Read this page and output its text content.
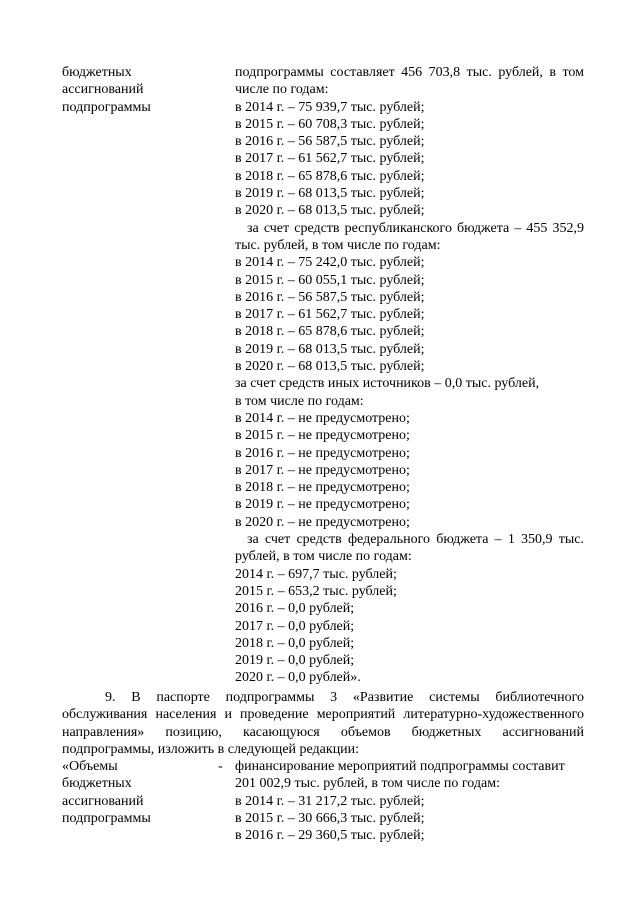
бюджетных	подпрограммы составляет 456 703,8 тыс. рублей, в том
ассигнований	числе по годам:
подпрограммы	в 2014 г. – 75 939,7 тыс. рублей;
в 2015 г. – 60 708,3 тыс. рублей;
в 2016 г. – 56 587,5 тыс. рублей;
в 2017 г. – 61 562,7 тыс. рублей;
в 2018 г. – 65 878,6 тыс. рублей;
в 2019 г. – 68 013,5 тыс. рублей;
в 2020 г. – 68 013,5 тыс. рублей;
за счет средств республиканского бюджета – 455 352,9
тыс. рублей, в том числе по годам:
в 2014 г. – 75 242,0 тыс. рублей;
в 2015 г. – 60 055,1 тыс. рублей;
в 2016 г. – 56 587,5 тыс. рублей;
в 2017 г. – 61 562,7 тыс. рублей;
в 2018 г. – 65 878,6 тыс. рублей;
в 2019 г. – 68 013,5 тыс. рублей;
в 2020 г. – 68 013,5 тыс. рублей;
за счет средств иных источников – 0,0 тыс. рублей,
в том числе по годам:
в 2014 г. – не предусмотрено;
в 2015 г. – не предусмотрено;
в 2016 г. – не предусмотрено;
в 2017 г. – не предусмотрено;
в 2018 г. – не предусмотрено;
в 2019 г. – не предусмотрено;
в 2020 г. – не предусмотрено;
за счет средств федерального бюджета – 1 350,9 тыс.
рублей, в том числе по годам:
2014 г. – 697,7 тыс. рублей;
2015 г. – 653,2 тыс. рублей;
2016 г. – 0,0 рублей;
2017 г. – 0,0 рублей;
2018 г. – 0,0 рублей;
2019 г. – 0,0 рублей;
2020 г. – 0,0 рублей».
9. В паспорте подпрограммы 3 «Развитие системы библиотечного
обслуживания населения и проведение мероприятий литературно-художественного
направления» позицию, касающуюся объемов бюджетных ассигнований
подпрограммы, изложить в следующей редакции:
«Объемы	- финансирование мероприятий подпрограммы составит
бюджетных	201 002,9 тыс. рублей, в том числе по годам:
ассигнований	в 2014 г. – 31 217,2 тыс. рублей;
подпрограммы	в 2015 г. – 30 666,3 тыс. рублей;
в 2016 г. – 29 360,5 тыс. рублей;
